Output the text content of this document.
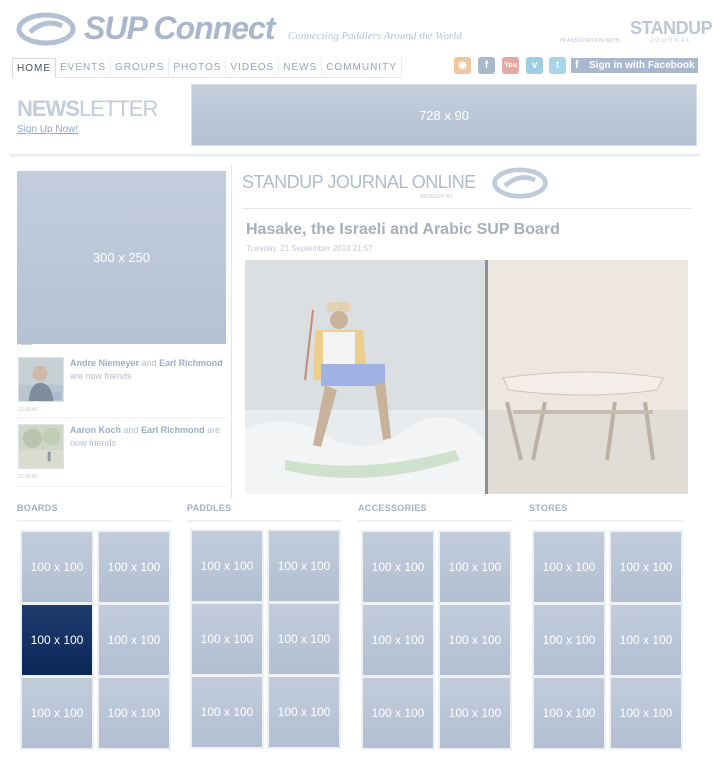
SUP Connect Connecting Paddlers Around the World	IN ASSOCIATION WITH
STANDUP
JOURNAL
HOME EVENTS GROUPS PHOTOS VIDEOS NEWS COMMUNITY	◉	f	You	v	t	f Sign in with Facebook
NEWSLETTER
Sign Up Now!
728 x 90
300 x 250
FEED
Andre Niemeyer and Earl Richmond
are now friends
21:06:43
Aaron Koch and Earl Richmond are now friends
21:06:43
STANDUP JOURNAL ONLINE
BROUGHT BY
Hasake, the Israeli and Arabic SUP Board
Tuesday, 21 September 2010 21:57
BOARDS	PADDLES	ACCESSORIES	STORES
100 x 100	100 x 100
100 x 100	100 x 100
100 x 100	100 x 100
100 x 100	100 x 100
100 x 100	100 x 100
100 x 100	100 x 100
100 x 100	100 x 100
100 x 100	100 x 100
100 x 100	100 x 100
100 x 100	100 x 100
100 x 100	100 x 100
100 x 100	100 x 100
